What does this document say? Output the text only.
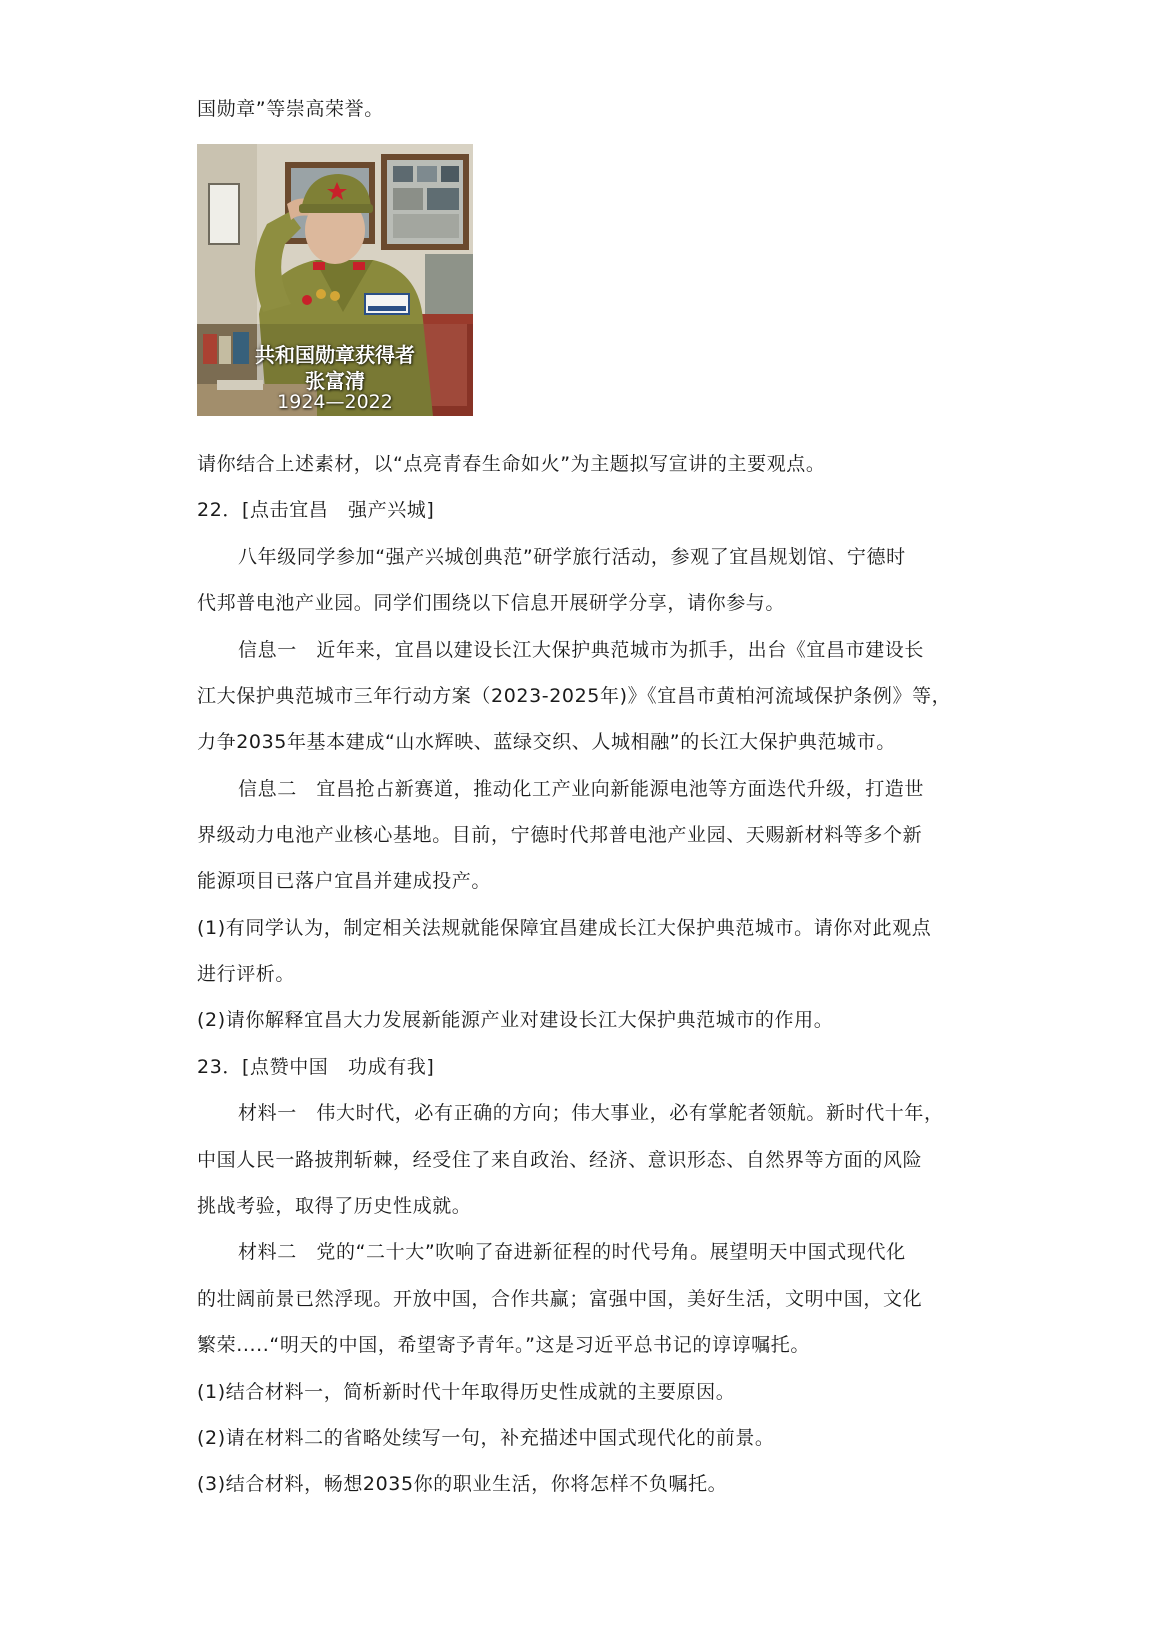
国勋章”等崇高荣誉。
共和国勋章获得者
张富清
1924—2022
请你结合上述素材，以“点亮青春生命如火”为主题拟写宣讲的主要观点。
22．[点击宜昌　强产兴城]
八年级同学参加“强产兴城创典范”研学旅行活动，参观了宜昌规划馆、宁德时
代邦普电池产业园。同学们围绕以下信息开展研学分享，请你参与。
信息一　近年来，宜昌以建设长江大保护典范城市为抓手，出台《宜昌市建设长
江大保护典范城市三年行动方案（2023-2025年)》《宜昌市黄柏河流域保护条例》等，
力争2035年基本建成“山水辉映、蓝绿交织、人城相融”的长江大保护典范城市。
信息二　宜昌抢占新赛道，推动化工产业向新能源电池等方面迭代升级，打造世
界级动力电池产业核心基地。目前，宁德时代邦普电池产业园、天赐新材料等多个新
能源项目已落户宜昌并建成投产。
(1)有同学认为，制定相关法规就能保障宜昌建成长江大保护典范城市。请你对此观点
进行评析。
(2)请你解释宜昌大力发展新能源产业对建设长江大保护典范城市的作用。
23．[点赞中国　功成有我]
材料一　伟大时代，必有正确的方向；伟大事业，必有掌舵者领航。新时代十年，
中国人民一路披荆斩棘，经受住了来自政治、经济、意识形态、自然界等方面的风险
挑战考验，取得了历史性成就。
材料二　党的“二十大”吹响了奋进新征程的时代号角。展望明天中国式现代化
的壮阔前景已然浮现。开放中国，合作共赢；富强中国，美好生活，文明中国，文化
繁荣.....“明天的中国，希望寄予青年。”这是习近平总书记的谆谆嘱托。
(1)结合材料一，简析新时代十年取得历史性成就的主要原因。
(2)请在材料二的省略处续写一句，补充描述中国式现代化的前景。
(3)结合材料，畅想2035你的职业生活，你将怎样不负嘱托。
